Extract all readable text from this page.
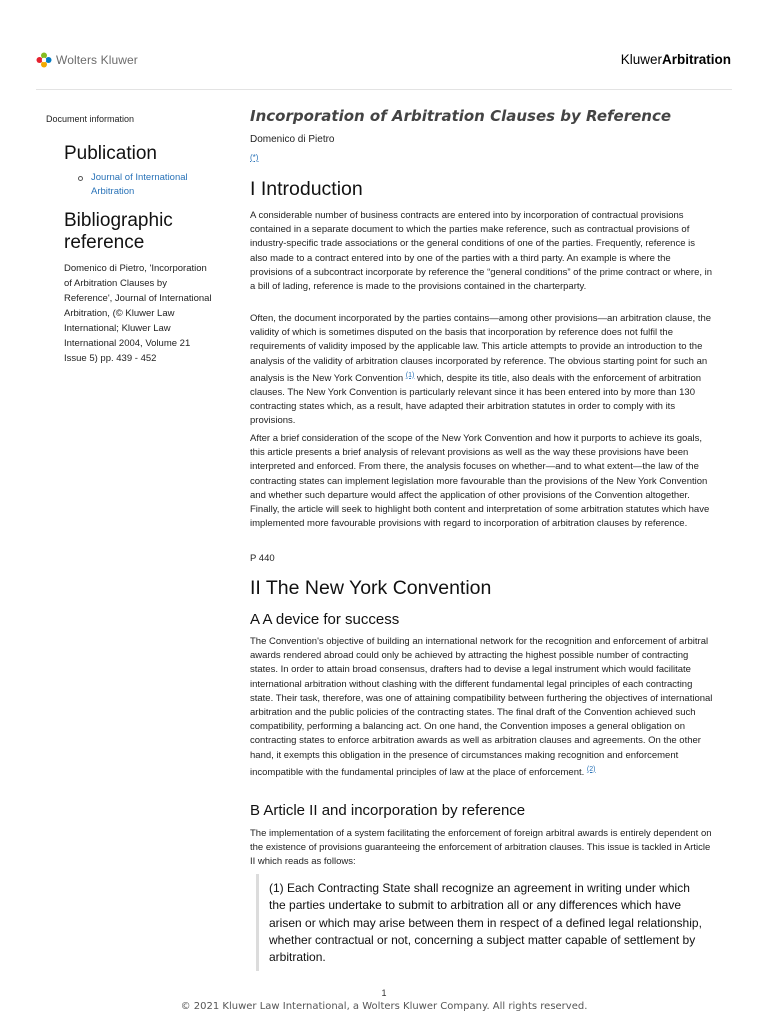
Wolters Kluwer	KluwerArbitration
Document information
Publication
Journal of International Arbitration
Bibliographic reference
Domenico di Pietro, 'Incorporation of Arbitration Clauses by Reference', Journal of International Arbitration, (© Kluwer Law International; Kluwer Law International 2004, Volume 21 Issue 5) pp. 439 - 452
Incorporation of Arbitration Clauses by Reference
Domenico di Pietro
(*)
I Introduction

A considerable number of business contracts are entered into by incorporation of contractual provisions contained in a separate document to which the parties make reference, such as contractual provisions of industry-specific trade associations or the general conditions of one of the parties. Frequently, reference is also made to a contract entered into by one of the parties with a third party. An example is where the provisions of a subcontract incorporate by reference the “general conditions” of the prime contract or where, in a bill of lading, reference is made to the provisions contained in the charterparty.

Often, the document incorporated by the parties contains—among other provisions—an arbitration clause, the validity of which is sometimes disputed on the basis that incorporation by reference does not fulfil the requirements of validity imposed by the applicable law. This article attempts to provide an introduction to the analysis of the validity of arbitration clauses incorporated by reference. The obvious starting point for such an analysis is the New York Convention $^{(1)}$ which, despite its title, also deals with the enforcement of arbitration clauses. The New York Convention is particularly relevant since it has been entered into by more than 130 contracting states which, as a result, have adapted their arbitration statutes in order to comply with its provisions.

After a brief consideration of the scope of the New York Convention and how it purports to achieve its goals, this article presents a brief analysis of relevant provisions as well as the way these provisions have been interpreted and enforced. From there, the analysis focuses on whether—and to what extent—the law of the contracting states can implement legislation more favourable than the provisions of the New York Convention and whether such departure would affect the application of other provisions of the Convention altogether. Finally, the article will seek to highlight both content and interpretation of some arbitration statutes which have implemented more favourable provisions with regard to incorporation of arbitration clauses by reference.

P 440
II The New York Convention
A A device for success

The Convention's objective of building an international network for the recognition and enforcement of arbitral awards rendered abroad could only be achieved by attracting the highest possible number of contracting states. In order to attain broad consensus, drafters had to devise a legal instrument which would facilitate international arbitration without clashing with the different fundamental legal principles of each contracting state. Their task, therefore, was one of attaining compatibility between furthering the objectives of international arbitration and the public policies of the contracting states. The final draft of the Convention achieved such compatibility, performing a balancing act. On one hand, the Convention imposes a general obligation on contracting states to enforce arbitration awards as well as arbitration clauses and agreements. On the other hand, it exempts this obligation in the presence of circumstances making recognition and enforcement incompatible with the fundamental principles of law at the place of enforcement. $^{(2)}$

B Article II and incorporation by reference

The implementation of a system facilitating the enforcement of foreign arbitral awards is entirely dependent on the existence of provisions guaranteeing the enforcement of arbitration clauses. This issue is tackled in Article II which reads as follows:

(1) Each Contracting State shall recognize an agreement in writing under which the parties undertake to submit to arbitration all or any differences which have arisen or which may arise between them in respect of a defined legal relationship, whether contractual or not, concerning a subject matter capable of settlement by arbitration.

1
© 2021 Kluwer Law International, a Wolters Kluwer Company. All rights reserved.
